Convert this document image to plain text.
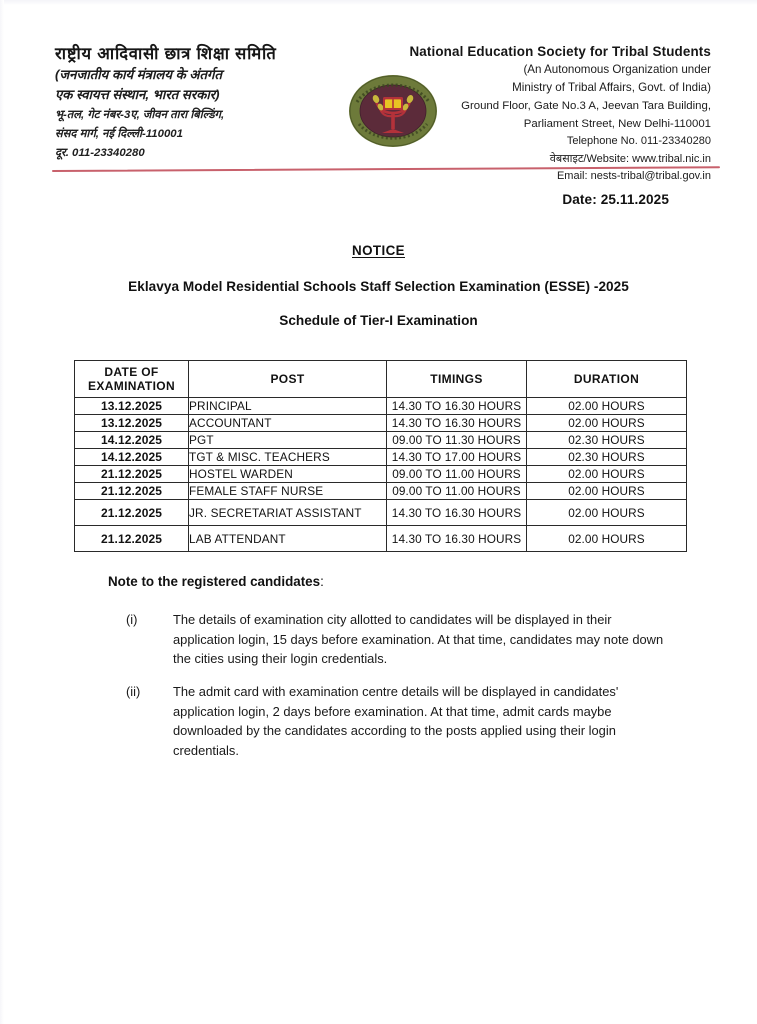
राष्ट्रीय आदिवासी छात्र शिक्षा समिति
(जनजातीय कार्य मंत्रालय के अंतर्गत
एक स्वायत्त संस्थान, भारत सरकार)
भू-तल, गेट नंबर-3ए, जीवन तारा बिल्डिंग,
संसद मार्ग, नई दिल्ली-110001
दूर. 011-23340280
National Education Society for Tribal Students
(An Autonomous Organization under
Ministry of Tribal Affairs, Govt. of India)
Ground Floor, Gate No.3 A, Jeevan Tara Building,
Parliament Street, New Delhi-110001
Telephone No. 011-23340280
वेबसाइट/Website: www.tribal.nic.in
Email: nests-tribal@tribal.gov.in
Date: 25.11.2025
NOTICE
Eklavya Model Residential Schools Staff Selection Examination (ESSE) -2025
Schedule of Tier-I Examination
DATE OF
EXAMINATION	POST	TIMINGS	DURATION
13.12.2025	PRINCIPAL	14.30 TO 16.30 HOURS	02.00 HOURS
13.12.2025	ACCOUNTANT	14.30 TO 16.30 HOURS	02.00 HOURS
14.12.2025	PGT	09.00 TO 11.30 HOURS	02.30 HOURS
14.12.2025	TGT & MISC. TEACHERS	14.30 TO 17.00 HOURS	02.30 HOURS
21.12.2025	HOSTEL WARDEN	09.00 TO 11.00 HOURS	02.00 HOURS
21.12.2025	FEMALE STAFF NURSE	09.00 TO 11.00 HOURS	02.00 HOURS
21.12.2025	JR. SECRETARIAT ASSISTANT	14.30 TO 16.30 HOURS	02.00 HOURS
21.12.2025	LAB ATTENDANT	14.30 TO 16.30 HOURS	02.00 HOURS
Note to the registered candidates:
(i)	The details of examination city allotted to candidates will be displayed in their application login, 15 days before examination. At that time, candidates may note down the cities using their login credentials.
(ii)	The admit card with examination centre details will be displayed in candidates' application login, 2 days before examination. At that time, admit cards maybe downloaded by the candidates according to the posts applied using their login credentials.
